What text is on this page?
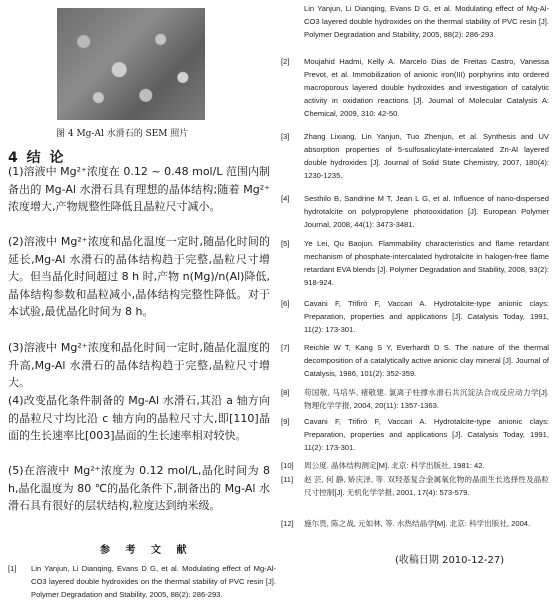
图 4 Mg-Al 水滑石的 SEM 照片
4 结 论
(1)溶液中 Mg²⁺浓度在 0.12 ~ 0.48 mol/L 范围内制备出的 Mg-Al 水滑石具有理想的晶体结构;随着 Mg²⁺浓度增大,产物规整性降低且晶粒尺寸减小。
(2)溶液中 Mg²⁺浓度和晶化温度一定时,随晶化时间的延长,Mg-Al 水滑石的晶体结构趋于完整,晶粒尺寸增大。但当晶化时间超过 8 h 时,产物 n(Mg)/n(Al)降低,晶体结构参数和晶粒减小,晶体结构完整性降低。对于本试验,最优晶化时间为 8 h。
(3)溶液中 Mg²⁺浓度和晶化时间一定时,随晶化温度的升高,Mg-Al 水滑石的晶体结构趋于完整,晶粒尺寸增大。
(4)改变晶化条件制备的 Mg-Al 水滑石,其沿 a 轴方向的晶粒尺寸均比沿 c 轴方向的晶粒尺寸大,即[110]晶面的生长速率比[003]晶面的生长速率相对较快。
(5)在溶液中 Mg²⁺浓度为 0.12 mol/L,晶化时间为 8 h,晶化温度为 80 ℃的晶化条件下,制备出的 Mg-Al 水滑石具有很好的层状结构,粒度达到纳米级。
参 考 文 献
[1]	Lin Yanjun, Li Dianqing, Evans D G, et al. Modulating effect of Mg-Al-CO3 layered double hydroxides on the thermal stability of PVC resin [J]. Polymer Degradation and Stability, 2005, 88(2): 286-293.
Lin Yanjun, Li Dianqing, Evans D G, et al. Modulating effect of Mg-Al-CO3 layered double hydroxides on the thermal stability of PVC resin [J]. Polymer Degradation and Stability, 2005, 88(2): 286-293.
[2]	Moujahid Hadmi, Kelly A. Marcelo Dias de Freitas Castro, Vanessa Prevot, et al. Immobilization of anionic iron(III) porphyrins into ordered macroporous layered double hydroxides and investigation of catalytic activity in oxidation reactions [J]. Journal of Molecular Catalysis A: Chemical, 2009, 310: 42-50.
[3]	Zhang Lixiang, Lin Yanjun, Tuo Zhenjun, et al. Synthesis and UV absorption properties of 5-sulfosalicylate-intercalated Zn-Al layered double hydroxides [J]. Journal of Solid State Chemistry, 2007, 180(4): 1230-1235.
[4]	Sesthilo B, Sandrine M T, Jean L G, et al. Influence of nano-dispersed hydrotalcite on polypropylene photooxidation [J]. European Polymer Journal, 2008, 44(1): 3473-3481.
[5]	Ye Lei, Qu Baojun. Flammability characteristics and flame retardant mechanism of phosphate-intercalated hydrotalcite in halogen-free flame retardant EVA blends [J]. Polymer Degradation and Stability, 2008, 93(2): 918-924.
[6]	Cavani F, Trifirò F, Vaccari A. Hydrotalcite-type anionic clays: Preparation, properties and applications [J]. Catalysis Today, 1991, 11(2): 173-301.
[7]	Reichle W T, Kang S Y, Everhardt D S. The nature of the thermal decomposition of a catalytically active anionic clay mineral [J]. Journal of Catalysis, 1986, 101(2): 352-359.
[8]	苟国敬, 马培华, 褚敬建. 氯离子柱撑水滑石共沉淀法合成反应动力学[J]. 物理化学学报, 2004, 20(11): 1357-1363.
[9]	Cavani F, Trifirò F, Vaccari A. Hydrotalcite-type anionic clays: Preparation, properties and applications [J]. Catalysis Today, 1991, 11(2): 173-301.
[10]	周公度. 晶体结构测定[M]. 北京: 科学出版社, 1981: 42.
[11]	赵 芸, 何 静, 矫庆泽, 等. 双羟基复合金属氧化物的晶面生长选择性及晶粒尺寸控制[J]. 无机化学学报, 2001, 17(4): 573-579.
[12]	施尔畏, 陈之战, 元如林, 等. 水热结晶学[M]. 北京: 科学出版社, 2004.
(收稿日期 2010-12-27)
